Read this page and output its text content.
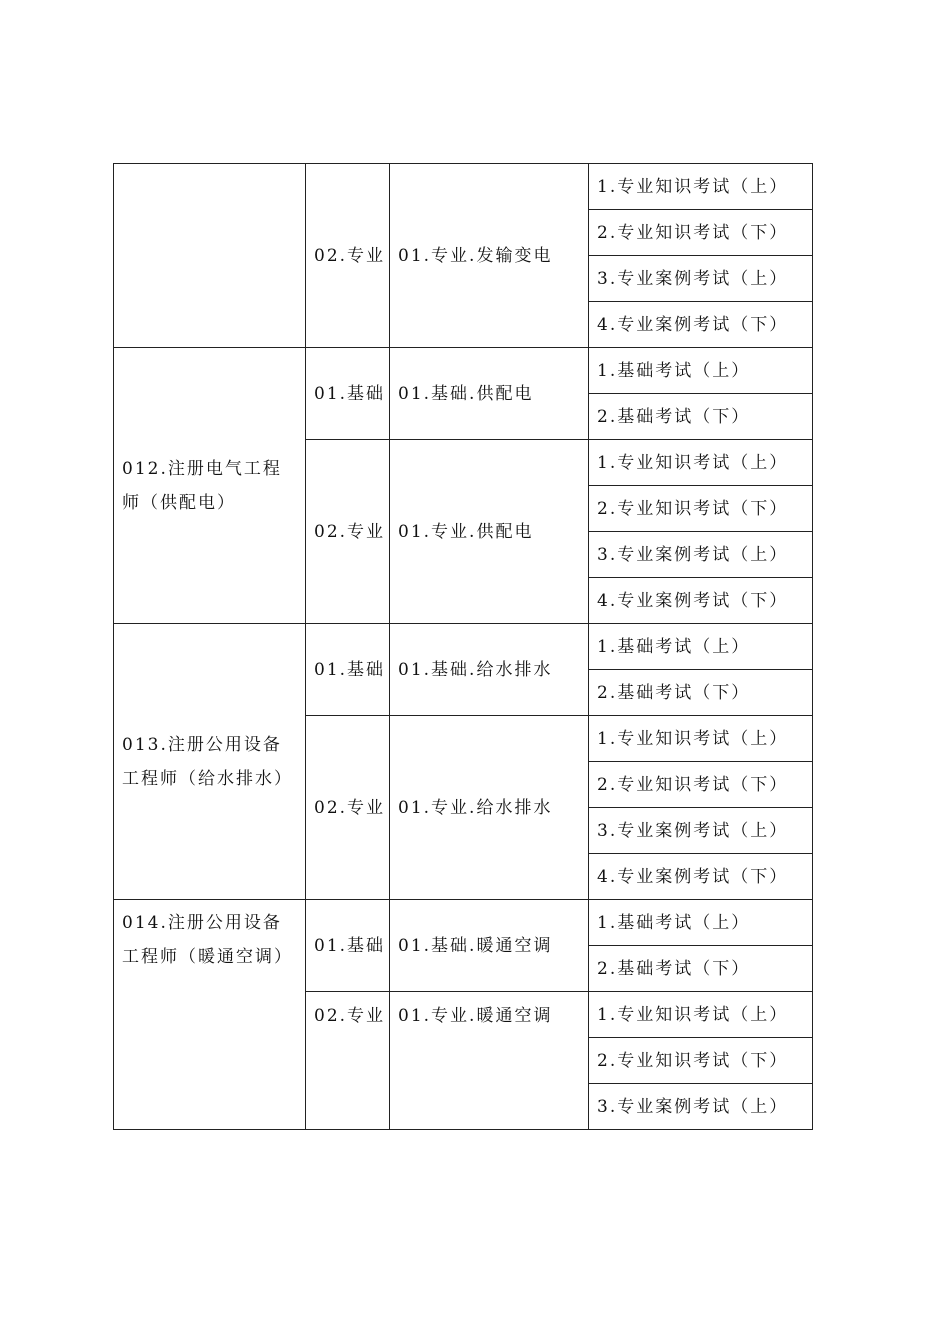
	02.专业	01.专业.发输变电	1.专业知识考试（上）
			2.专业知识考试（下）
			3.专业案例考试（上）
			4.专业案例考试（下）
012.注册电气工程师（供配电）	01.基础	01.基础.供配电	1.基础考试（上）
			2.基础考试（下）
	02.专业	01.专业.供配电	1.专业知识考试（上）
			2.专业知识考试（下）
			3.专业案例考试（上）
			4.专业案例考试（下）
013.注册公用设备工程师（给水排水）	01.基础	01.基础.给水排水	1.基础考试（上）
			2.基础考试（下）
	02.专业	01.专业.给水排水	1.专业知识考试（上）
			2.专业知识考试（下）
			3.专业案例考试（上）
			4.专业案例考试（下）
014.注册公用设备工程师（暖通空调）	01.基础	01.基础.暖通空调	1.基础考试（上）
			2.基础考试（下）
	02.专业	01.专业.暖通空调	1.专业知识考试（上）
			2.专业知识考试（下）
			3.专业案例考试（上）
